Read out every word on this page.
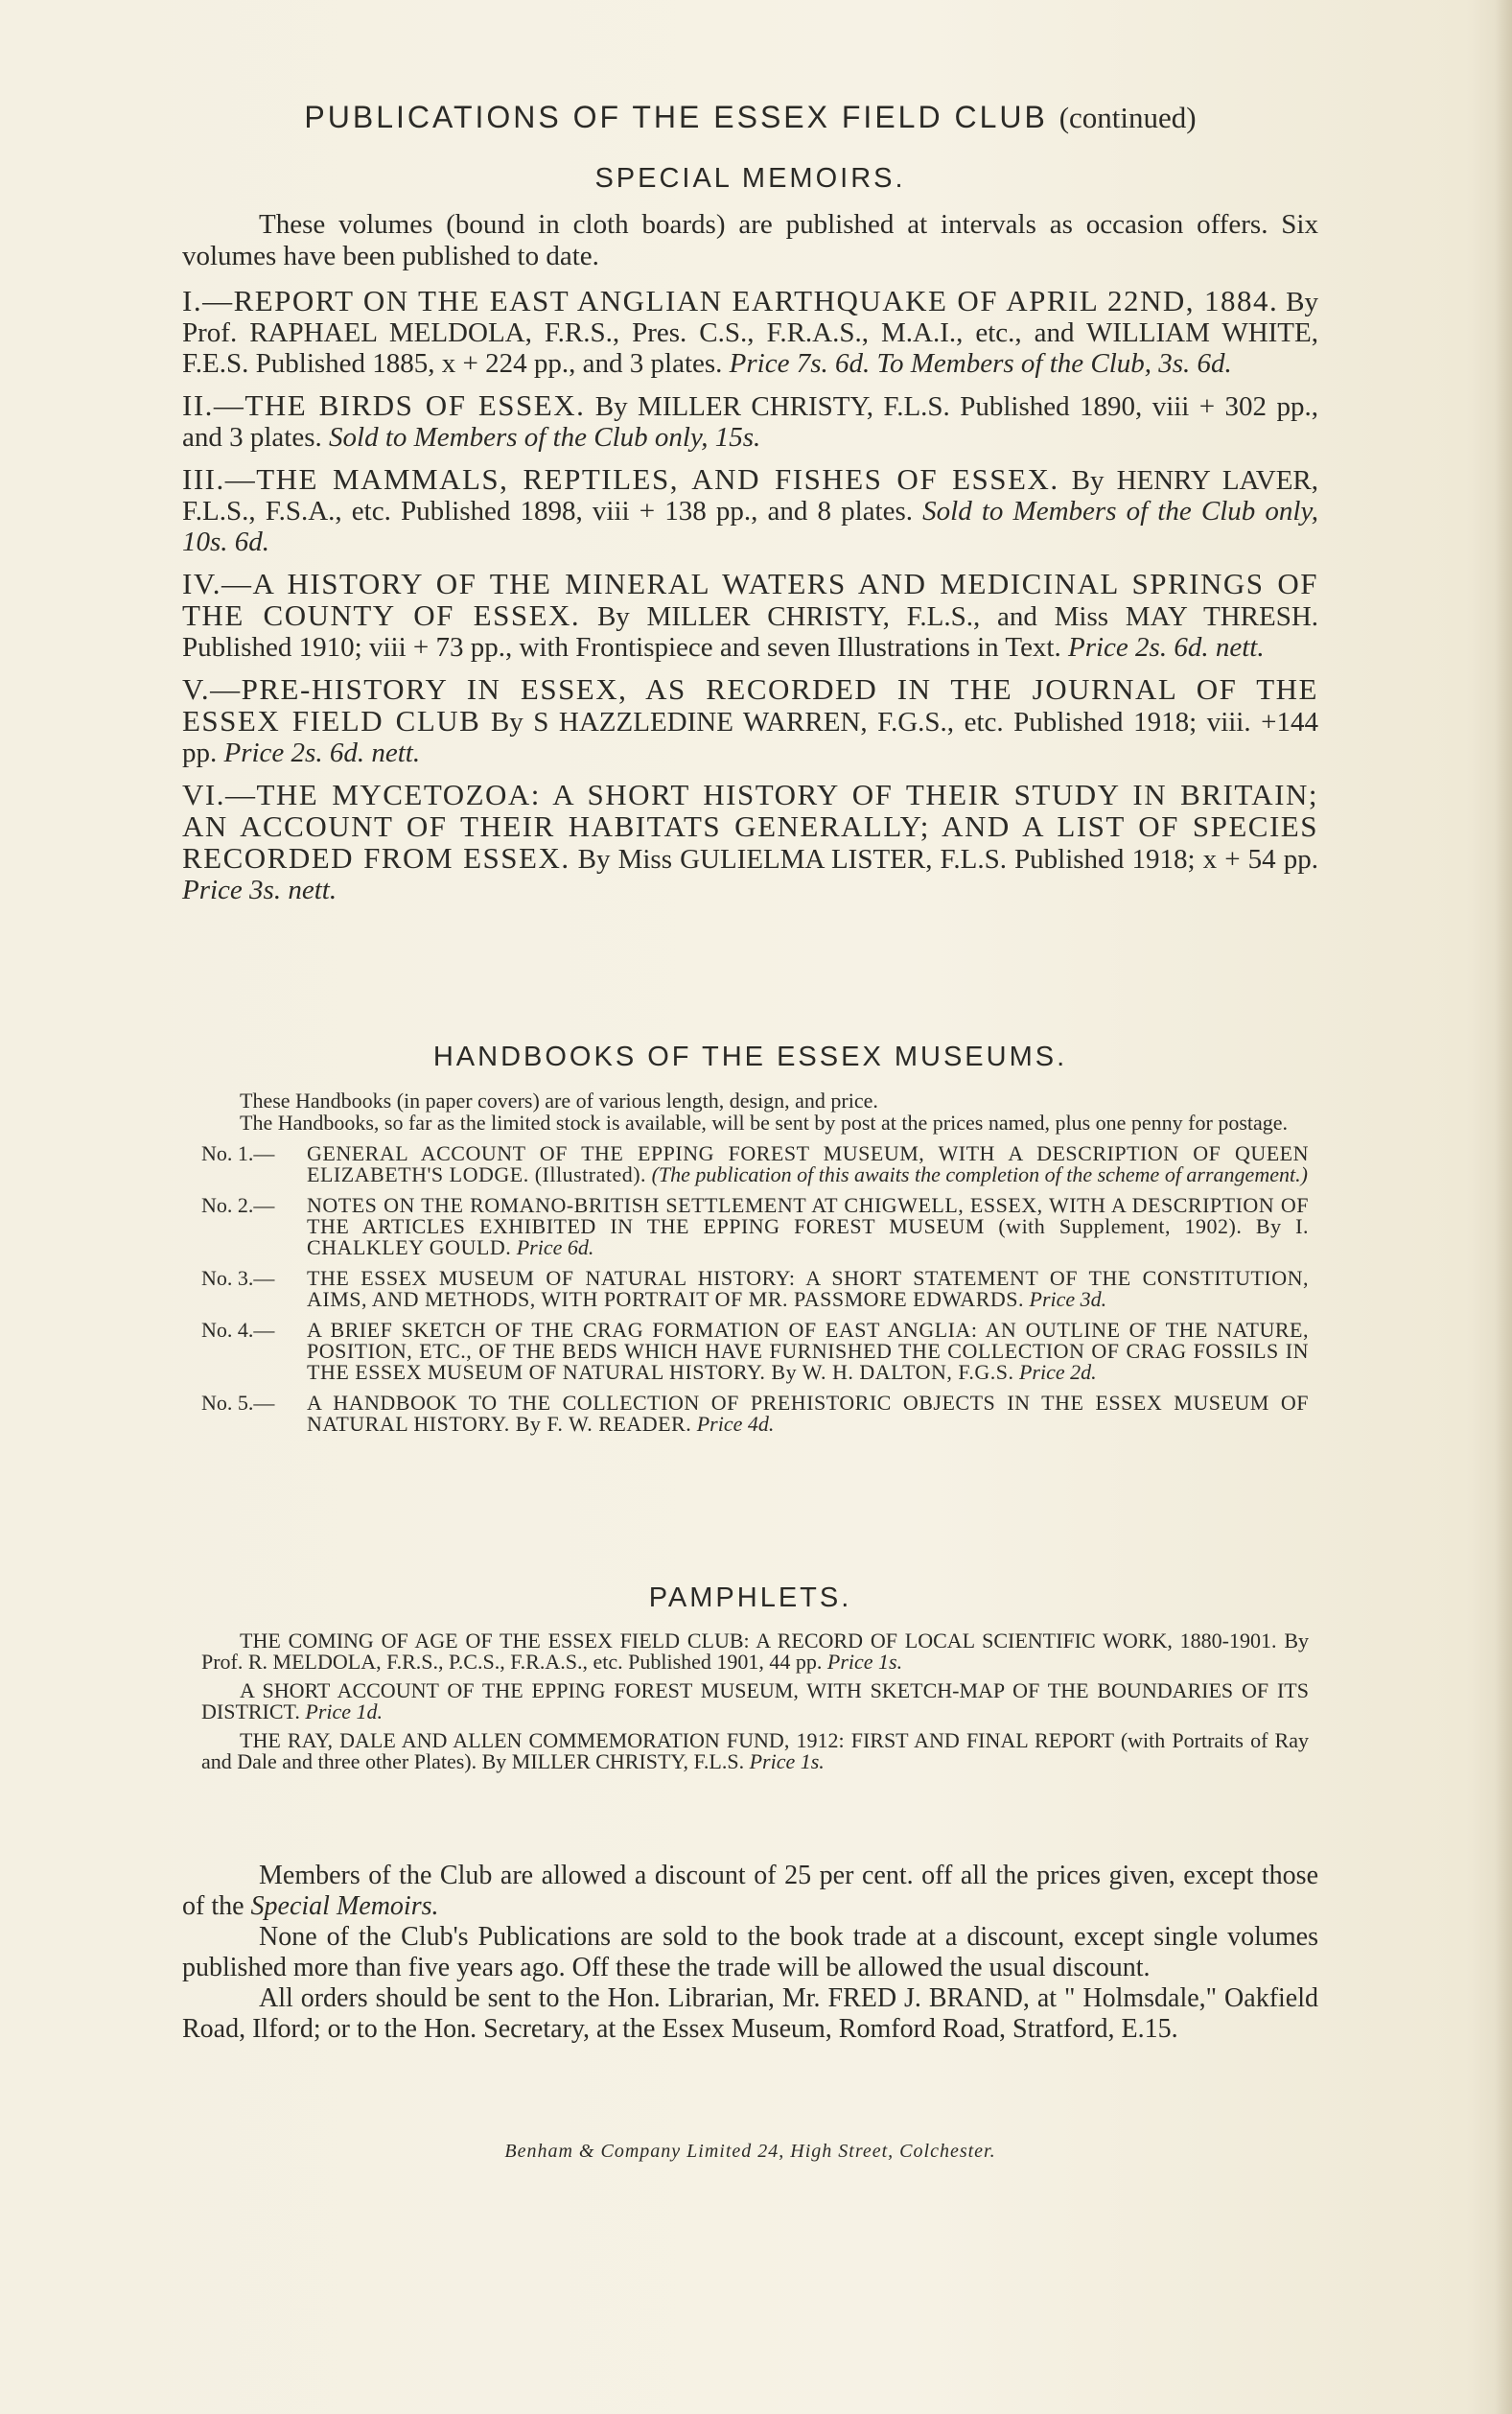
PUBLICATIONS OF THE ESSEX FIELD CLUB (continued)
SPECIAL MEMOIRS.

These volumes (bound in cloth boards) are published at intervals as occasion offers. Six volumes have been published to date.

I.—REPORT ON THE EAST ANGLIAN EARTHQUAKE OF APRIL 22ND, 1884. By Prof. RAPHAEL MELDOLA, F.R.S., Pres. C.S., F.R.A.S., M.A.I., etc., and WILLIAM WHITE, F.E.S. Published 1885, x + 224 pp., and 3 plates. Price 7s. 6d. To Members of the Club, 3s. 6d.

II.—THE BIRDS OF ESSEX. By MILLER CHRISTY, F.L.S. Published 1890, viii + 302 pp., and 3 plates. Sold to Members of the Club only, 15s.

III.—THE MAMMALS, REPTILES, AND FISHES OF ESSEX. By HENRY LAVER, F.L.S., F.S.A., etc. Published 1898, viii + 138 pp., and 8 plates. Sold to Members of the Club only, 10s. 6d.

IV.—A HISTORY OF THE MINERAL WATERS AND MEDICINAL SPRINGS OF THE COUNTY OF ESSEX. By MILLER CHRISTY, F.L.S., and Miss MAY THRESH. Published 1910; viii + 73 pp., with Frontispiece and seven Illustrations in Text. Price 2s. 6d. nett.

V.—PRE-HISTORY IN ESSEX, AS RECORDED IN THE JOURNAL OF THE ESSEX FIELD CLUB By S HAZZLEDINE WARREN, F.G.S., etc. Published 1918; viii. +144 pp. Price 2s. 6d. nett.

VI.—THE MYCETOZOA: A SHORT HISTORY OF THEIR STUDY IN BRITAIN; AN ACCOUNT OF THEIR HABITATS GENERALLY; AND A LIST OF SPECIES RECORDED FROM ESSEX. By Miss GULIELMA LISTER, F.L.S. Published 1918; x + 54 pp. Price 3s. nett.

HANDBOOKS OF THE ESSEX MUSEUMS.

These Handbooks (in paper covers) are of various length, design, and price.

The Handbooks, so far as the limited stock is available, will be sent by post at the prices named, plus one penny for postage.

No. 1.—	GENERAL ACCOUNT OF THE EPPING FOREST MUSEUM, WITH A DESCRIPTION OF QUEEN ELIZABETH'S LODGE. (Illustrated). (The publication of this awaits the completion of the scheme of arrangement.)
No. 2.—	NOTES ON THE ROMANO-BRITISH SETTLEMENT AT CHIGWELL, ESSEX, WITH A DESCRIPTION OF THE ARTICLES EXHIBITED IN THE EPPING FOREST MUSEUM (with Supplement, 1902). By I. CHALKLEY GOULD. Price 6d.
No. 3.—	THE ESSEX MUSEUM OF NATURAL HISTORY: A SHORT STATEMENT OF THE CONSTITUTION, AIMS, AND METHODS, WITH PORTRAIT OF MR. PASSMORE EDWARDS. Price 3d.
No. 4.—	A BRIEF SKETCH OF THE CRAG FORMATION OF EAST ANGLIA: AN OUTLINE OF THE NATURE, POSITION, ETC., OF THE BEDS WHICH HAVE FURNISHED THE COLLECTION OF CRAG FOSSILS IN THE ESSEX MUSEUM OF NATURAL HISTORY. By W. H. DALTON, F.G.S. Price 2d.
No. 5.—	A HANDBOOK TO THE COLLECTION OF PREHISTORIC OBJECTS IN THE ESSEX MUSEUM OF NATURAL HISTORY. By F. W. READER. Price 4d.
PAMPHLETS.

THE COMING OF AGE OF THE ESSEX FIELD CLUB: A RECORD OF LOCAL SCIENTIFIC WORK, 1880-1901. By Prof. R. MELDOLA, F.R.S., P.C.S., F.R.A.S., etc. Published 1901, 44 pp. Price 1s.

A SHORT ACCOUNT OF THE EPPING FOREST MUSEUM, WITH SKETCH-MAP OF THE BOUNDARIES OF ITS DISTRICT. Price 1d.

THE RAY, DALE AND ALLEN COMMEMORATION FUND, 1912: FIRST AND FINAL REPORT (with Portraits of Ray and Dale and three other Plates). By MILLER CHRISTY, F.L.S. Price 1s.

Members of the Club are allowed a discount of 25 per cent. off all the prices given, except those of the Special Memoirs.

None of the Club's Publications are sold to the book trade at a discount, except single volumes published more than five years ago. Off these the trade will be allowed the usual discount.

All orders should be sent to the Hon. Librarian, Mr. FRED J. BRAND, at " Holmsdale," Oakfield Road, Ilford; or to the Hon. Secretary, at the Essex Museum, Romford Road, Stratford, E.15.

Benham & Company Limited 24, High Street, Colchester.
